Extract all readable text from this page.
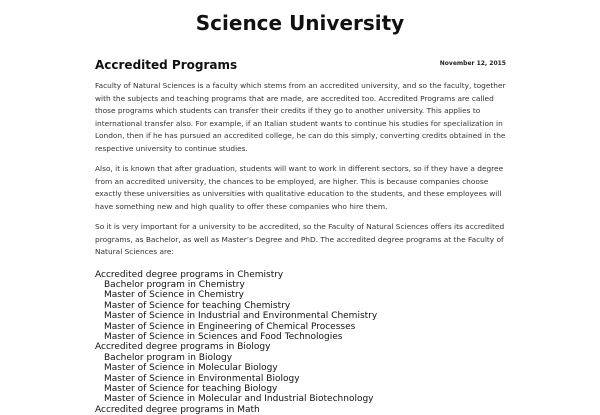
Science University
Accredited Programs	November 12, 2015

Faculty of Natural Sciences is a faculty which stems from an accredited university, and so the faculty, together with the subjects and teaching programs that are made, are accredited too. Accredited Programs are called those programs which students can transfer their credits if they go to another university. This applies to international transfer also. For example, if an Italian student wants to continue his studies for specialization in London, then if he has pursued an accredited college, he can do this simply, converting credits obtained in the respective university to continue studies.

Also, it is known that after graduation, students will want to work in different sectors, so if they have a degree from an accredited university, the chances to be employed, are higher. This is because companies choose exactly these universities as universities with qualitative education to the students, and these employees will have something new and high quality to offer these companies who hire them.

So it is very important for a university to be accredited, so the Faculty of Natural Sciences offers its accredited programs, as Bachelor, as well as Master’s Degree and PhD. The accredited degree programs at the Faculty of Natural Sciences are:

Accredited degree programs in Chemistry
Bachelor program in Chemistry
Master of Science in Chemistry
Master of Science for teaching Chemistry
Master of Science in Industrial and Environmental Chemistry
Master of Science in Engineering of Chemical Processes
Master of Science in Sciences and Food Technologies
Accredited degree programs in Biology
Bachelor program in Biology
Master of Science in Molecular Biology
Master of Science in Environmental Biology
Master of Science for teaching Biology
Master of Science in Molecular and Industrial Biotechnology
Accredited degree programs in Math
